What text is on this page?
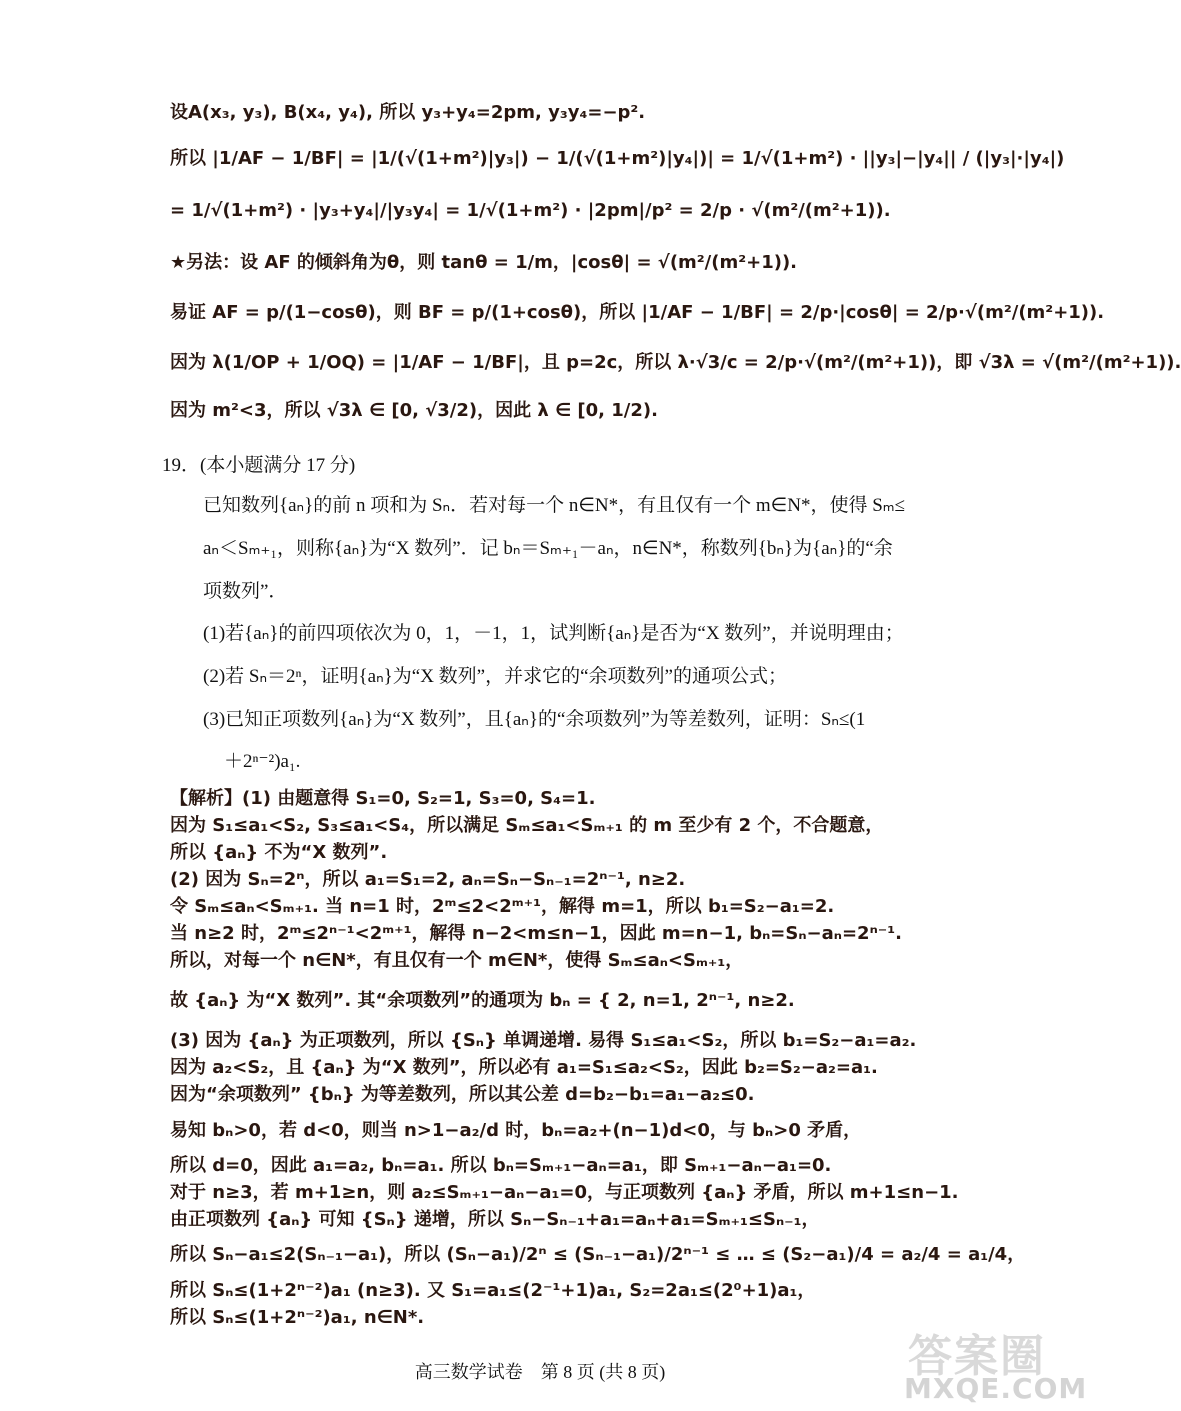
设A(x₃, y₃), B(x₄, y₄), 所以 y₃+y₄=2pm, y₃y₄=−p².
所以 |1/AF − 1/BF| = |1/(√(1+m²)|y₃|) − 1/(√(1+m²)|y₄|)| = 1/√(1+m²) · ||y₃|−|y₄|| / (|y₃|·|y₄|)
= 1/√(1+m²) · |y₃+y₄|/|y₃y₄| = 1/√(1+m²) · |2pm|/p² = 2/p · √(m²/(m²+1)).
★另法：设 AF 的倾斜角为θ，则 tanθ = 1/m，|cosθ| = √(m²/(m²+1)).
易证 AF = p/(1−cosθ)，则 BF = p/(1+cosθ)，所以 |1/AF − 1/BF| = 2/p·|cosθ| = 2/p·√(m²/(m²+1)).
因为 λ(1/OP + 1/OQ) = |1/AF − 1/BF|，且 p=2c，所以 λ·√3/c = 2/p·√(m²/(m²+1))，即 √3λ = √(m²/(m²+1)).
因为 m²<3，所以 √3λ ∈ [0, √3/2)，因此 λ ∈ [0, 1/2).
19．(本小题满分 17 分)
已知数列{aₙ}的前 n 项和为 Sₙ．若对每一个 n∈N*，有且仅有一个 m∈N*，使得 Sₘ≤
aₙ＜Sₘ₊₁，则称{aₙ}为“X 数列”．记 bₙ＝Sₘ₊₁－aₙ，n∈N*，称数列{bₙ}为{aₙ}的“余
项数列”．
(1)若{aₙ}的前四项依次为 0，1，－1，1，试判断{aₙ}是否为“X 数列”，并说明理由；
(2)若 Sₙ＝2ⁿ，证明{aₙ}为“X 数列”，并求它的“余项数列”的通项公式；
(3)已知正项数列{aₙ}为“X 数列”，且{aₙ}的“余项数列”为等差数列，证明：Sₙ≤(1
＋2ⁿ⁻²)a₁.
【解析】(1) 由题意得 S₁=0, S₂=1, S₃=0, S₄=1.
因为 S₁≤a₁<S₂, S₃≤a₁<S₄，所以满足 Sₘ≤a₁<Sₘ₊₁ 的 m 至少有 2 个，不合题意，
所以 {aₙ} 不为“X 数列”.
(2) 因为 Sₙ=2ⁿ，所以 a₁=S₁=2, aₙ=Sₙ−Sₙ₋₁=2ⁿ⁻¹, n≥2.
令 Sₘ≤aₙ<Sₘ₊₁. 当 n=1 时，2ᵐ≤2<2ᵐ⁺¹，解得 m=1，所以 b₁=S₂−a₁=2.
当 n≥2 时，2ᵐ≤2ⁿ⁻¹<2ᵐ⁺¹，解得 n−2<m≤n−1，因此 m=n−1, bₙ=Sₙ−aₙ=2ⁿ⁻¹.
所以，对每一个 n∈N*，有且仅有一个 m∈N*，使得 Sₘ≤aₙ<Sₘ₊₁，
故 {aₙ} 为“X 数列”. 其“余项数列”的通项为 bₙ = { 2, n=1, 2ⁿ⁻¹, n≥2.
(3) 因为 {aₙ} 为正项数列，所以 {Sₙ} 单调递增. 易得 S₁≤a₁<S₂，所以 b₁=S₂−a₁=a₂.
因为 a₂<S₂，且 {aₙ} 为“X 数列”，所以必有 a₁=S₁≤a₂<S₂，因此 b₂=S₂−a₂=a₁.
因为“余项数列” {bₙ} 为等差数列，所以其公差 d=b₂−b₁=a₁−a₂≤0.
易知 bₙ>0，若 d<0，则当 n>1−a₂/d 时，bₙ=a₂+(n−1)d<0，与 bₙ>0 矛盾，
所以 d=0，因此 a₁=a₂, bₙ=a₁. 所以 bₙ=Sₘ₊₁−aₙ=a₁，即 Sₘ₊₁−aₙ−a₁=0.
对于 n≥3，若 m+1≥n，则 a₂≤Sₘ₊₁−aₙ−a₁=0，与正项数列 {aₙ} 矛盾，所以 m+1≤n−1.
由正项数列 {aₙ} 可知 {Sₙ} 递增，所以 Sₙ−Sₙ₋₁+a₁=aₙ+a₁=Sₘ₊₁≤Sₙ₋₁，
所以 Sₙ−a₁≤2(Sₙ₋₁−a₁)，所以 (Sₙ−a₁)/2ⁿ ≤ (Sₙ₋₁−a₁)/2ⁿ⁻¹ ≤ … ≤ (S₂−a₁)/4 = a₂/4 = a₁/4，
所以 Sₙ≤(1+2ⁿ⁻²)a₁ (n≥3). 又 S₁=a₁≤(2⁻¹+1)a₁, S₂=2a₁≤(2⁰+1)a₁，
所以 Sₙ≤(1+2ⁿ⁻²)a₁, n∈N*.
高三数学试卷　第 8 页 (共 8 页)	答案圈
MXQE.COM
